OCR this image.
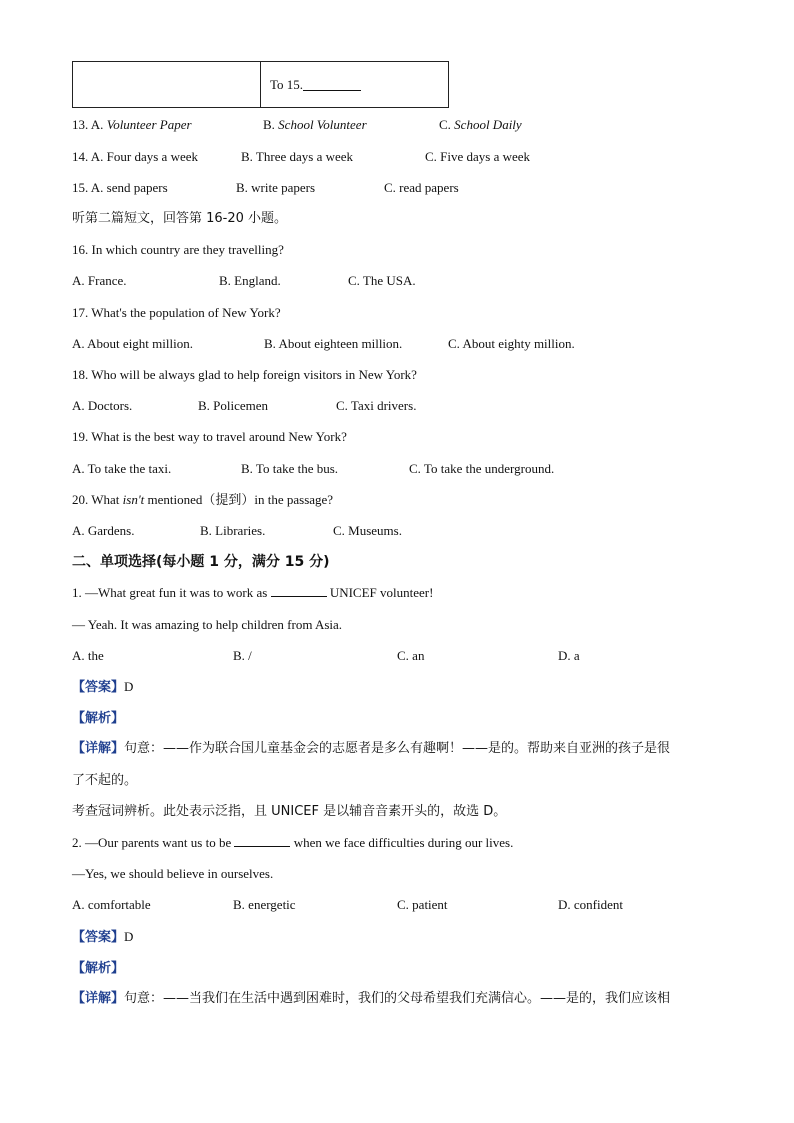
To 15.
13. A. Volunteer Paper	B. School Volunteer	C. School Daily
14. A. Four days a week	B. Three days a week	C. Five days a week
15. A. send papers	B. write papers	C. read papers
听第二篇短文，回答第 16-20 小题。
16. In which country are they travelling?
A. France.	B. England.	C. The USA.
17. What's the population of New York?
A. About eight million.	B. About eighteen million.	C. About eighty million.
18. Who will be always glad to help foreign visitors in New York?
A. Doctors.	B. Policemen	C. Taxi drivers.
19. What is the best way to travel around New York?
A. To take the taxi.	B. To take the bus.	C. To take the underground.
20. What isn't mentioned（提到）in the passage?
A. Gardens.	B. Libraries.	C. Museums.
二、单项选择(每小题 1 分，满分 15 分)
1. —What great fun it was to work as	UNICEF volunteer!
— Yeah. It was amazing to help children from Asia.
A. the	B. /	C. an	D. a
【答案】D
【解析】
【详解】句意：——作为联合国儿童基金会的志愿者是多么有趣啊！——是的。帮助来自亚洲的孩子是很
了不起的。
考查冠词辨析。此处表示泛指，且 UNICEF 是以辅音音素开头的，故选 D。
2. —Our parents want us to be	when we face difficulties during our lives.
—Yes, we should believe in ourselves.
A. comfortable	B. energetic	C. patient	D. confident
【答案】D
【解析】
【详解】句意：——当我们在生活中遇到困难时，我们的父母希望我们充满信心。——是的，我们应该相
